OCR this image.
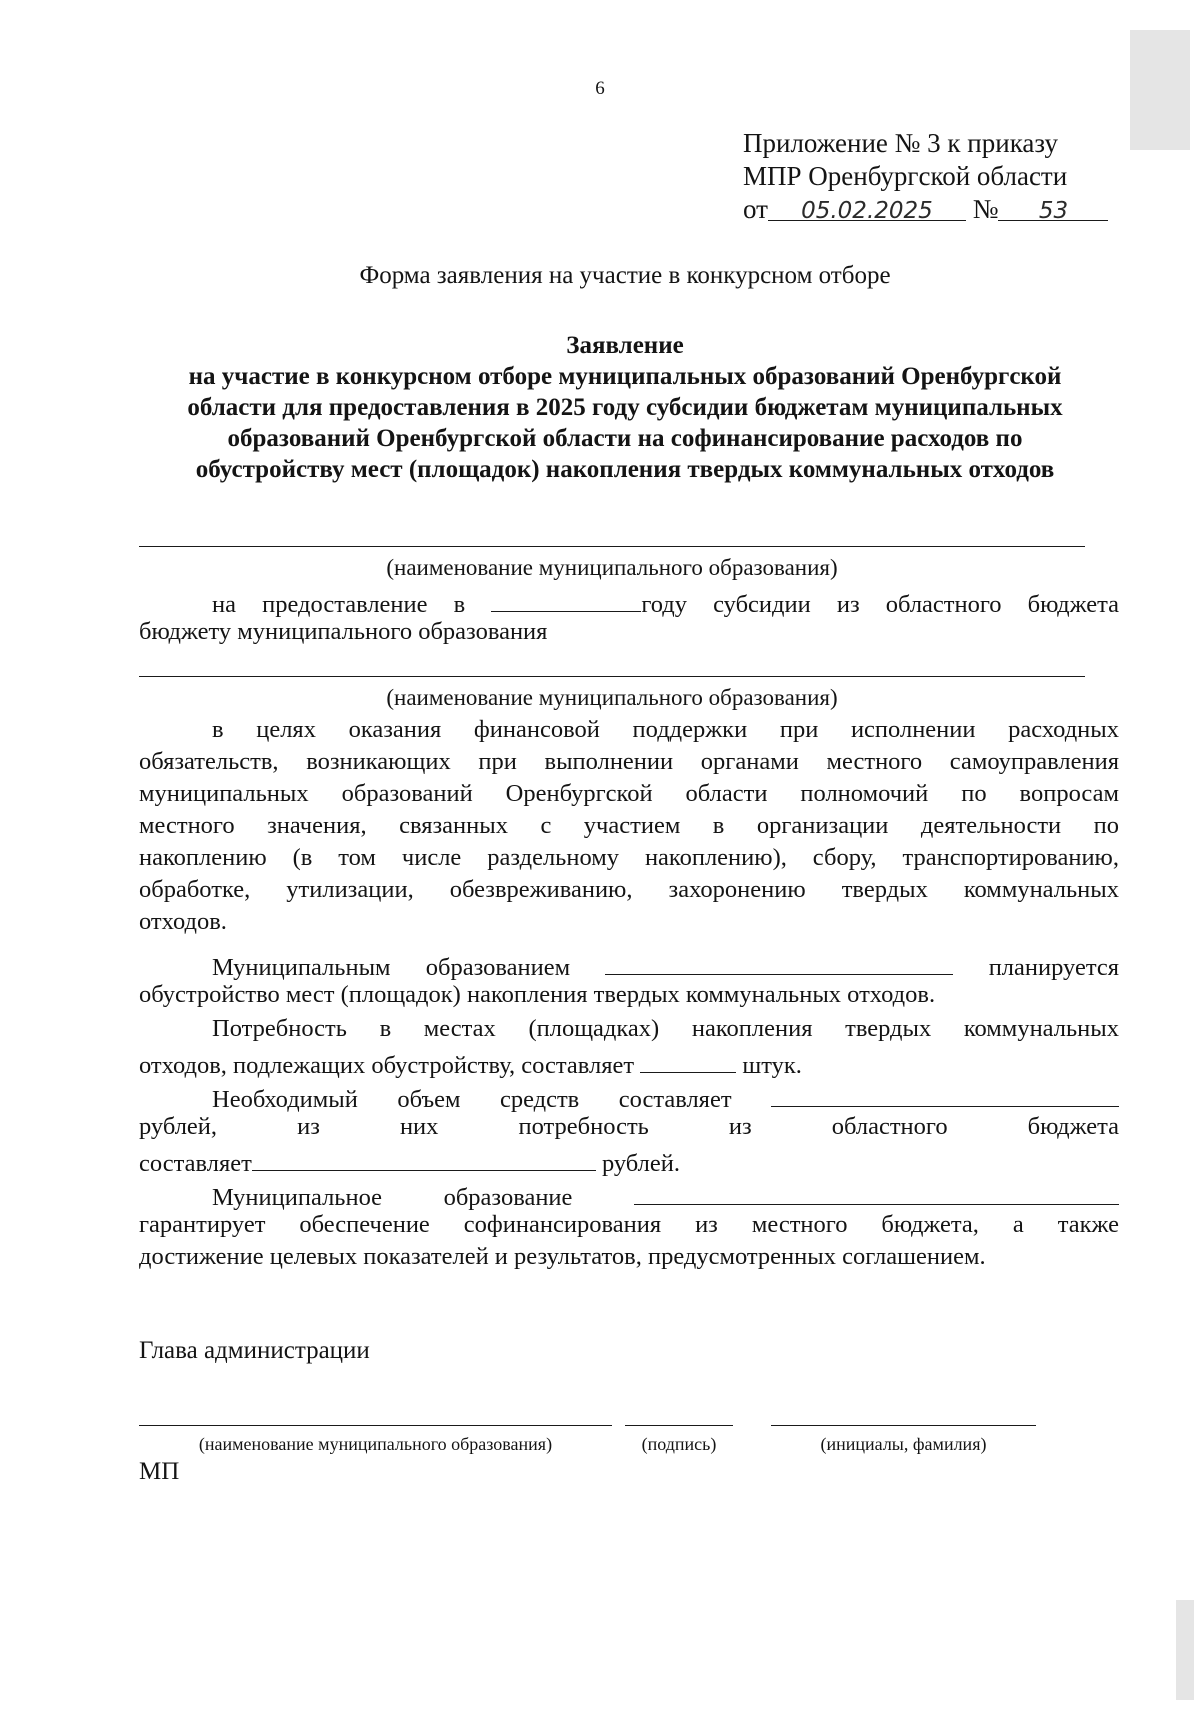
6
Приложение № 3 к приказу
МПР Оренбургской области
от 05.02.2025 № 53
Форма заявления на участие в конкурсном отборе
Заявление
на участие в конкурсном отборе муниципальных образований Оренбургской
области для предоставления в 2025 году субсидии бюджетам муниципальных
образований Оренбургской области на софинансирование расходов по
обустройству мест (площадок) накопления твердых коммунальных отходов
(наименование муниципального образования)
на предоставление в	году субсидии из областного бюджета
бюджету муниципального образования
(наименование муниципального образования)
в целях оказания финансовой поддержки при исполнении расходных
обязательств, возникающих при выполнении органами местного самоуправления
муниципальных образований Оренбургской области полномочий по вопросам
местного значения, связанных с участием в организации деятельности по
накоплению (в том числе раздельному накоплению), сбору, транспортированию,
обработке, утилизации, обезвреживанию, захоронению твердых коммунальных
отходов.
Муниципальным образованием	планируется
обустройство мест (площадок) накопления твердых коммунальных отходов.
Потребность в местах (площадках) накопления твердых коммунальных
отходов, подлежащих обустройству, составляет	штук.
Необходимый объем средств составляет
рублей, из них потребность из областного бюджета
составляет	рублей.
Муниципальное образование
гарантирует обеспечение софинансирования из местного бюджета, а также
достижение целевых показателей и результатов, предусмотренных соглашением.
Глава администрации
(наименование муниципального образования)	(подпись)	(инициалы, фамилия)
МП
